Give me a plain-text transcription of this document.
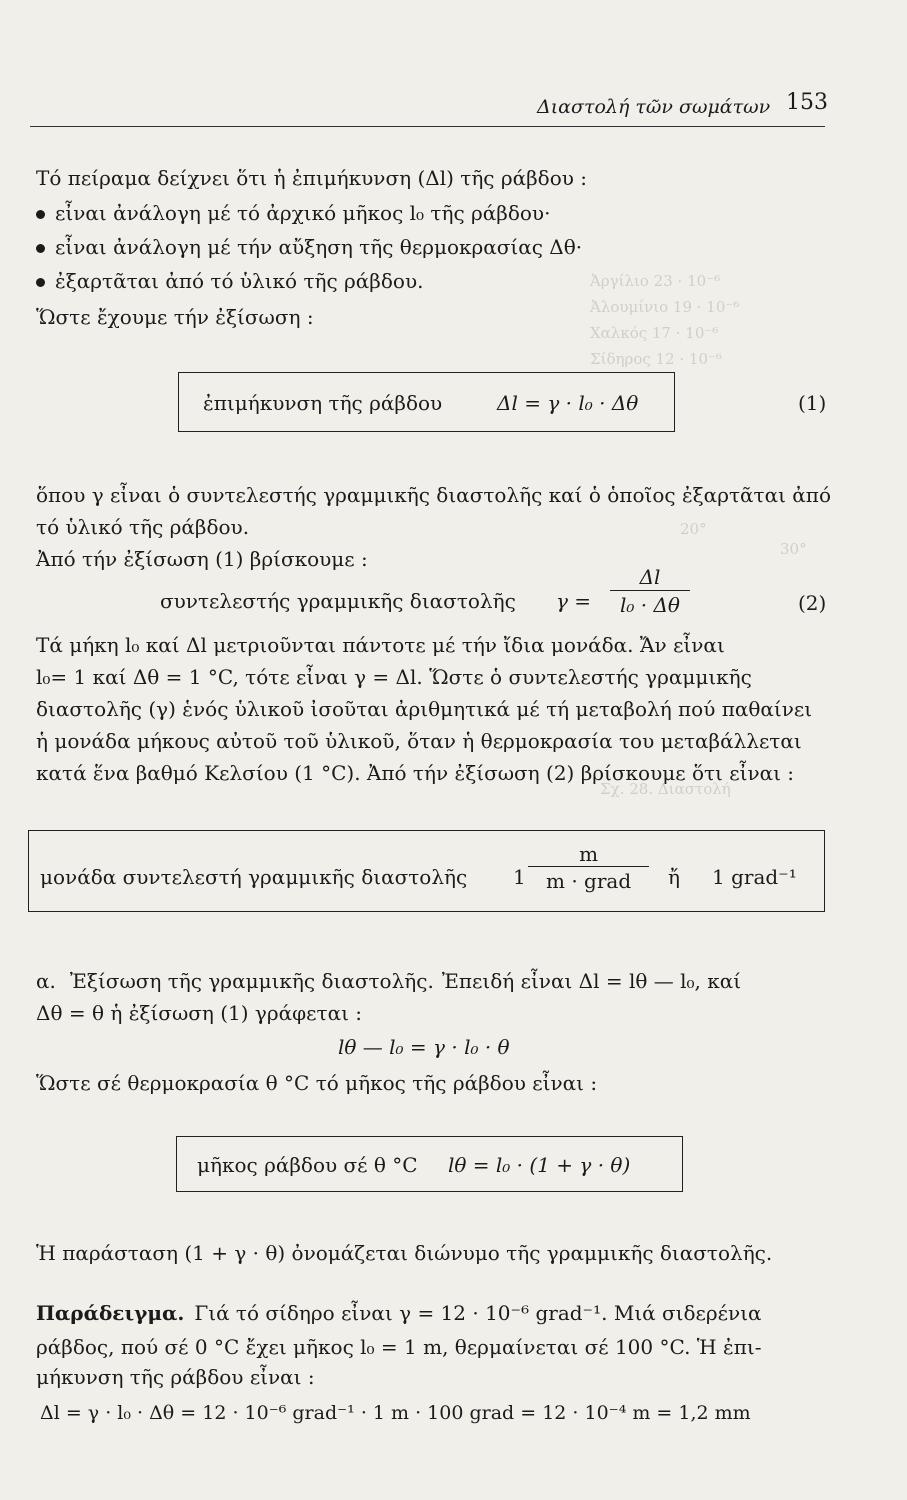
Ἀργίλιο 23 · 10⁻⁶
Ἀλουμίνιο 19 · 10⁻⁶
Χαλκός 17 · 10⁻⁶
Σίδηρος 12 · 10⁻⁶
20°
30°
Σχ. 28. Διαστολή
Διαστολή τῶν σωμάτων 153
Τό πείραμα δείχνει ὅτι ἡ ἐπιμήκυνση (Δl) τῆς ράβδου :
εἶναι ἀνάλογη μέ τό ἀρχικό μῆκος l₀ τῆς ράβδου·
εἶναι ἀνάλογη μέ τήν αὔξηση τῆς θερμοκρασίας Δθ·
ἐξαρτᾶται ἀπό τό ὑλικό τῆς ράβδου.
Ὥστε ἔχουμε τήν ἐξίσωση :
ἐπιμήκυνση τῆς ράβδου	Δl = γ · l₀ · Δθ	(1)
ὅπου γ εἶναι ὁ συντελεστής γραμμικῆς διαστολῆς καί ὁ ὁποῖος ἐξαρτᾶται ἀπό
τό ὑλικό τῆς ράβδου.
Ἀπό τήν ἐξίσωση (1) βρίσκουμε :
συντελεστής γραμμικῆς διαστολῆς $\gamma = \frac{\Delta l}{\text{l₀ · Δθ}}$	(2)
Τά μήκη l₀ καί Δl μετριοῦνται πάντοτε μέ τήν ἴδια μονάδα. Ἄν εἶναι
l₀= 1 καί Δθ = 1 °C, τότε εἶναι γ = Δl. Ὥστε ὁ συντελεστής γραμμικῆς
διαστολῆς (γ) ἑνός ὑλικοῦ ἰσοῦται ἀριθμητικά μέ τή μεταβολή πού παθαίνει
ἡ μονάδα μήκους αὐτοῦ τοῦ ὑλικοῦ, ὅταν ἡ θερμοκρασία του μεταβάλλεται
κατά ἕνα βαθμό Κελσίου (1 °C). Ἀπό τήν ἐξίσωση (2) βρίσκουμε ὅτι εἶναι :
μονάδα συντελεστή γραμμικῆς διαστολῆς 1
m
m · grad	ἤ 1 grad⁻¹
α. Ἐξίσωση τῆς γραμμικῆς διαστολῆς. Ἐπειδή εἶναι Δl = lθ — l₀, καί
Δθ = θ ἡ ἐξίσωση (1) γράφεται :
lθ — l₀ = γ · l₀ · θ
Ὥστε σέ θερμοκρασία θ °C τό μῆκος τῆς ράβδου εἶναι :
μῆκος ράβδου σέ θ °C lθ = l₀ · (1 + γ · θ)
Ἡ παράσταση (1 + γ · θ) ὀνομάζεται διώνυμο τῆς γραμμικῆς διαστολῆς.
Παράδειγμα. Γιά τό σίδηρο εἶναι γ = 12 · 10⁻⁶ grad⁻¹. Μιά σιδερένια
ράβδος, πού σέ 0 °C ἔχει μῆκος l₀ = 1 m, θερμαίνεται σέ 100 °C. Ἡ ἐπι-
μήκυνση τῆς ράβδου εἶναι :
Δl = γ · l₀ · Δθ = 12 · 10⁻⁶ grad⁻¹ · 1 m · 100 grad = 12 · 10⁻⁴ m = 1,2 mm
